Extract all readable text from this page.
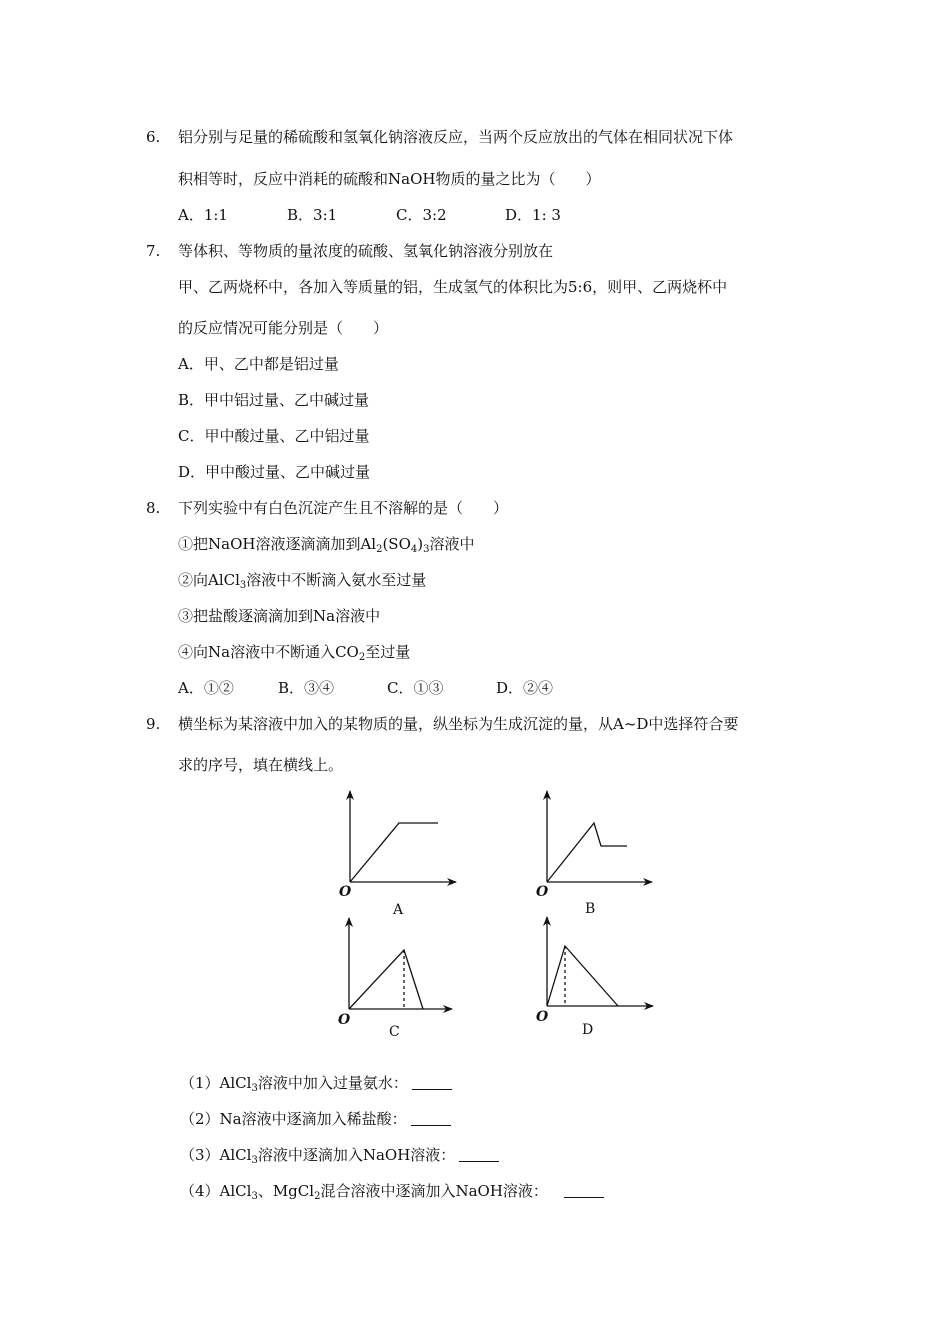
6. 铝分别与足量的稀硫酸和氢氧化钠溶液反应，当两个反应放出的气体在相同状况下体
积相等时，反应中消耗的硫酸和NaOH物质的量之比为（　　）
A．1:1	B．3:1	C．3:2	D．1: 3
7. 等体积、等物质的量浓度的硫酸、氢氧化钠溶液分别放在
甲、乙两烧杯中，各加入等质量的铝，生成氢气的体积比为5:6，则甲、乙两烧杯中
的反应情况可能分别是（　　）
A．甲、乙中都是铝过量
B．甲中铝过量、乙中碱过量
C．甲中酸过量、乙中铝过量
D．甲中酸过量、乙中碱过量
8. 下列实验中有白色沉淀产生且不溶解的是（　　）
①把NaOH溶液逐滴滴加到$Al_2(SO_4)_3$溶液中
②向AlCl$_3$溶液中不断滴入氨水至过量
③把盐酸逐滴滴加到Na溶液中
④向Na溶液中不断通入$CO_2$至过量
A．①②	B．③④	C．①③	D．②④
9. 横坐标为某溶液中加入的某物质的量，纵坐标为生成沉淀的量，从A~D中选择符合要
求的序号，填在横线上。
O
A
O
B
O
C
O
D
（1）AlCl$_3$溶液中加入过量氨水：
（2）Na溶液中逐滴加入稀盐酸：
（3）AlCl$_3$溶液中逐滴加入NaOH溶液：
（4）AlCl$_3$、MgCl$_2$混合溶液中逐滴加入NaOH溶液：
